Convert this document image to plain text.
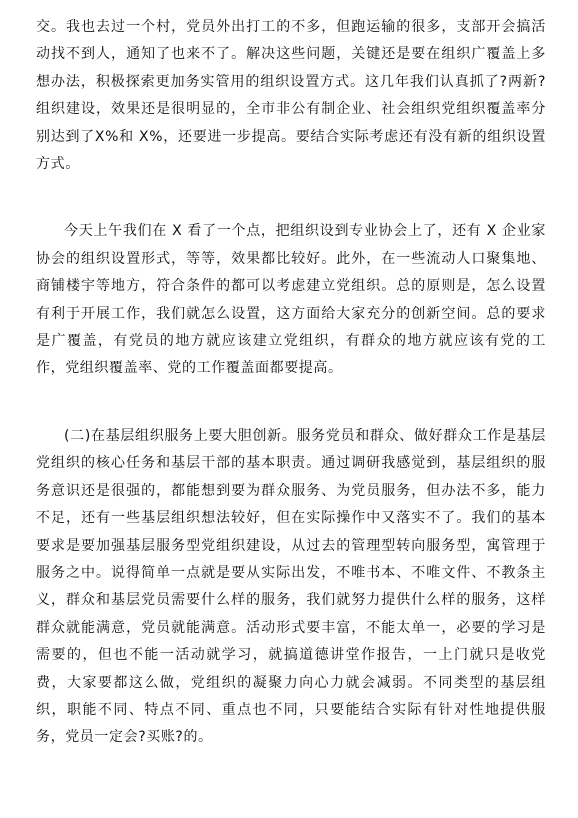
交。我也去过一个村，党员外出打工的不多，但跑运输的很多，支部开会搞活动找不到人，通知了也来不了。解决这些问题，关键还是要在组织广覆盖上多想办法，积极探索更加务实管用的组织设置方式。这几年我们认真抓了?两新?组织建设，效果还是很明显的，全市非公有制企业、社会组织党组织覆盖率分别达到了X%和 X%，还要进一步提高。要结合实际考虑还有没有新的组织设置方式。

今天上午我们在 X 看了一个点，把组织设到专业协会上了，还有 X 企业家协会的组织设置形式，等等，效果都比较好。此外，在一些流动人口聚集地、商铺楼宇等地方，符合条件的都可以考虑建立党组织。总的原则是，怎么设置有利于开展工作，我们就怎么设置，这方面给大家充分的创新空间。总的要求是广覆盖，有党员的地方就应该建立党组织，有群众的地方就应该有党的工作，党组织覆盖率、党的工作覆盖面都要提高。

(二)在基层组织服务上要大胆创新。服务党员和群众、做好群众工作是基层党组织的核心任务和基层干部的基本职责。通过调研我感觉到，基层组织的服务意识还是很强的，都能想到要为群众服务、为党员服务，但办法不多，能力不足，还有一些基层组织想法较好，但在实际操作中又落实不了。我们的基本要求是要加强基层服务型党组织建设，从过去的管理型转向服务型，寓管理于服务之中。说得简单一点就是要从实际出发，不唯书本、不唯文件、不教条主义，群众和基层党员需要什么样的服务，我们就努力提供什么样的服务，这样群众就能满意，党员就能满意。活动形式要丰富，不能太单一，必要的学习是需要的，但也不能一活动就学习，就搞道德讲堂作报告，一上门就只是收党费，大家要都这么做，党组织的凝聚力向心力就会减弱。不同类型的基层组织，职能不同、特点不同、重点也不同，只要能结合实际有针对性地提供服务，党员一定会?买账?的。
